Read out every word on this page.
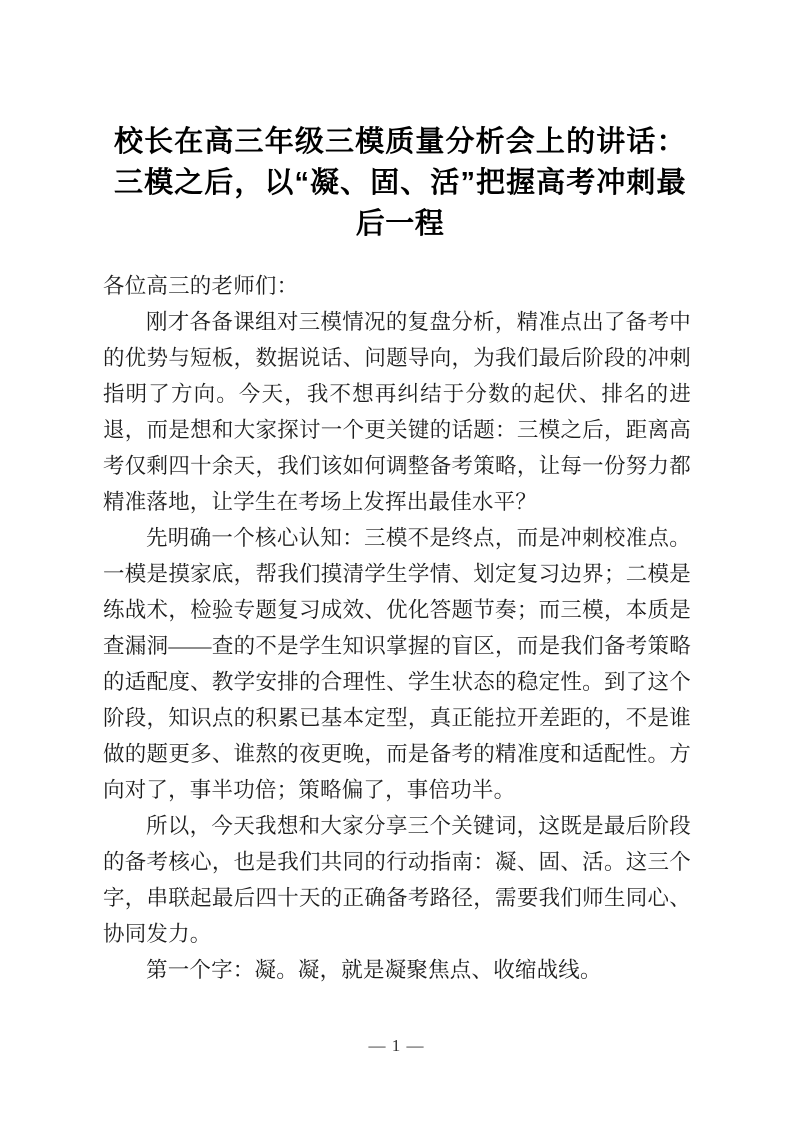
校长在高三年级三模质量分析会上的讲话：三模之后，以“凝、固、活”把握高考冲刺最后一程

各位高三的老师们：

刚才各备课组对三模情况的复盘分析，精准点出了备考中的优势与短板，数据说话、问题导向，为我们最后阶段的冲刺指明了方向。今天，我不想再纠结于分数的起伏、排名的进退，而是想和大家探讨一个更关键的话题：三模之后，距离高考仅剩四十余天，我们该如何调整备考策略，让每一份努力都精准落地，让学生在考场上发挥出最佳水平？

先明确一个核心认知：三模不是终点，而是冲刺校准点。一模是摸家底，帮我们摸清学生学情、划定复习边界；二模是练战术，检验专题复习成效、优化答题节奏；而三模，本质是查漏洞——查的不是学生知识掌握的盲区，而是我们备考策略的适配度、教学安排的合理性、学生状态的稳定性。到了这个阶段，知识点的积累已基本定型，真正能拉开差距的，不是谁做的题更多、谁熬的夜更晚，而是备考的精准度和适配性。方向对了，事半功倍；策略偏了，事倍功半。

所以，今天我想和大家分享三个关键词，这既是最后阶段的备考核心，也是我们共同的行动指南：凝、固、活。这三个字，串联起最后四十天的正确备考路径，需要我们师生同心、协同发力。

第一个字：凝。凝，就是凝聚焦点、收缩战线。

— 1 —
